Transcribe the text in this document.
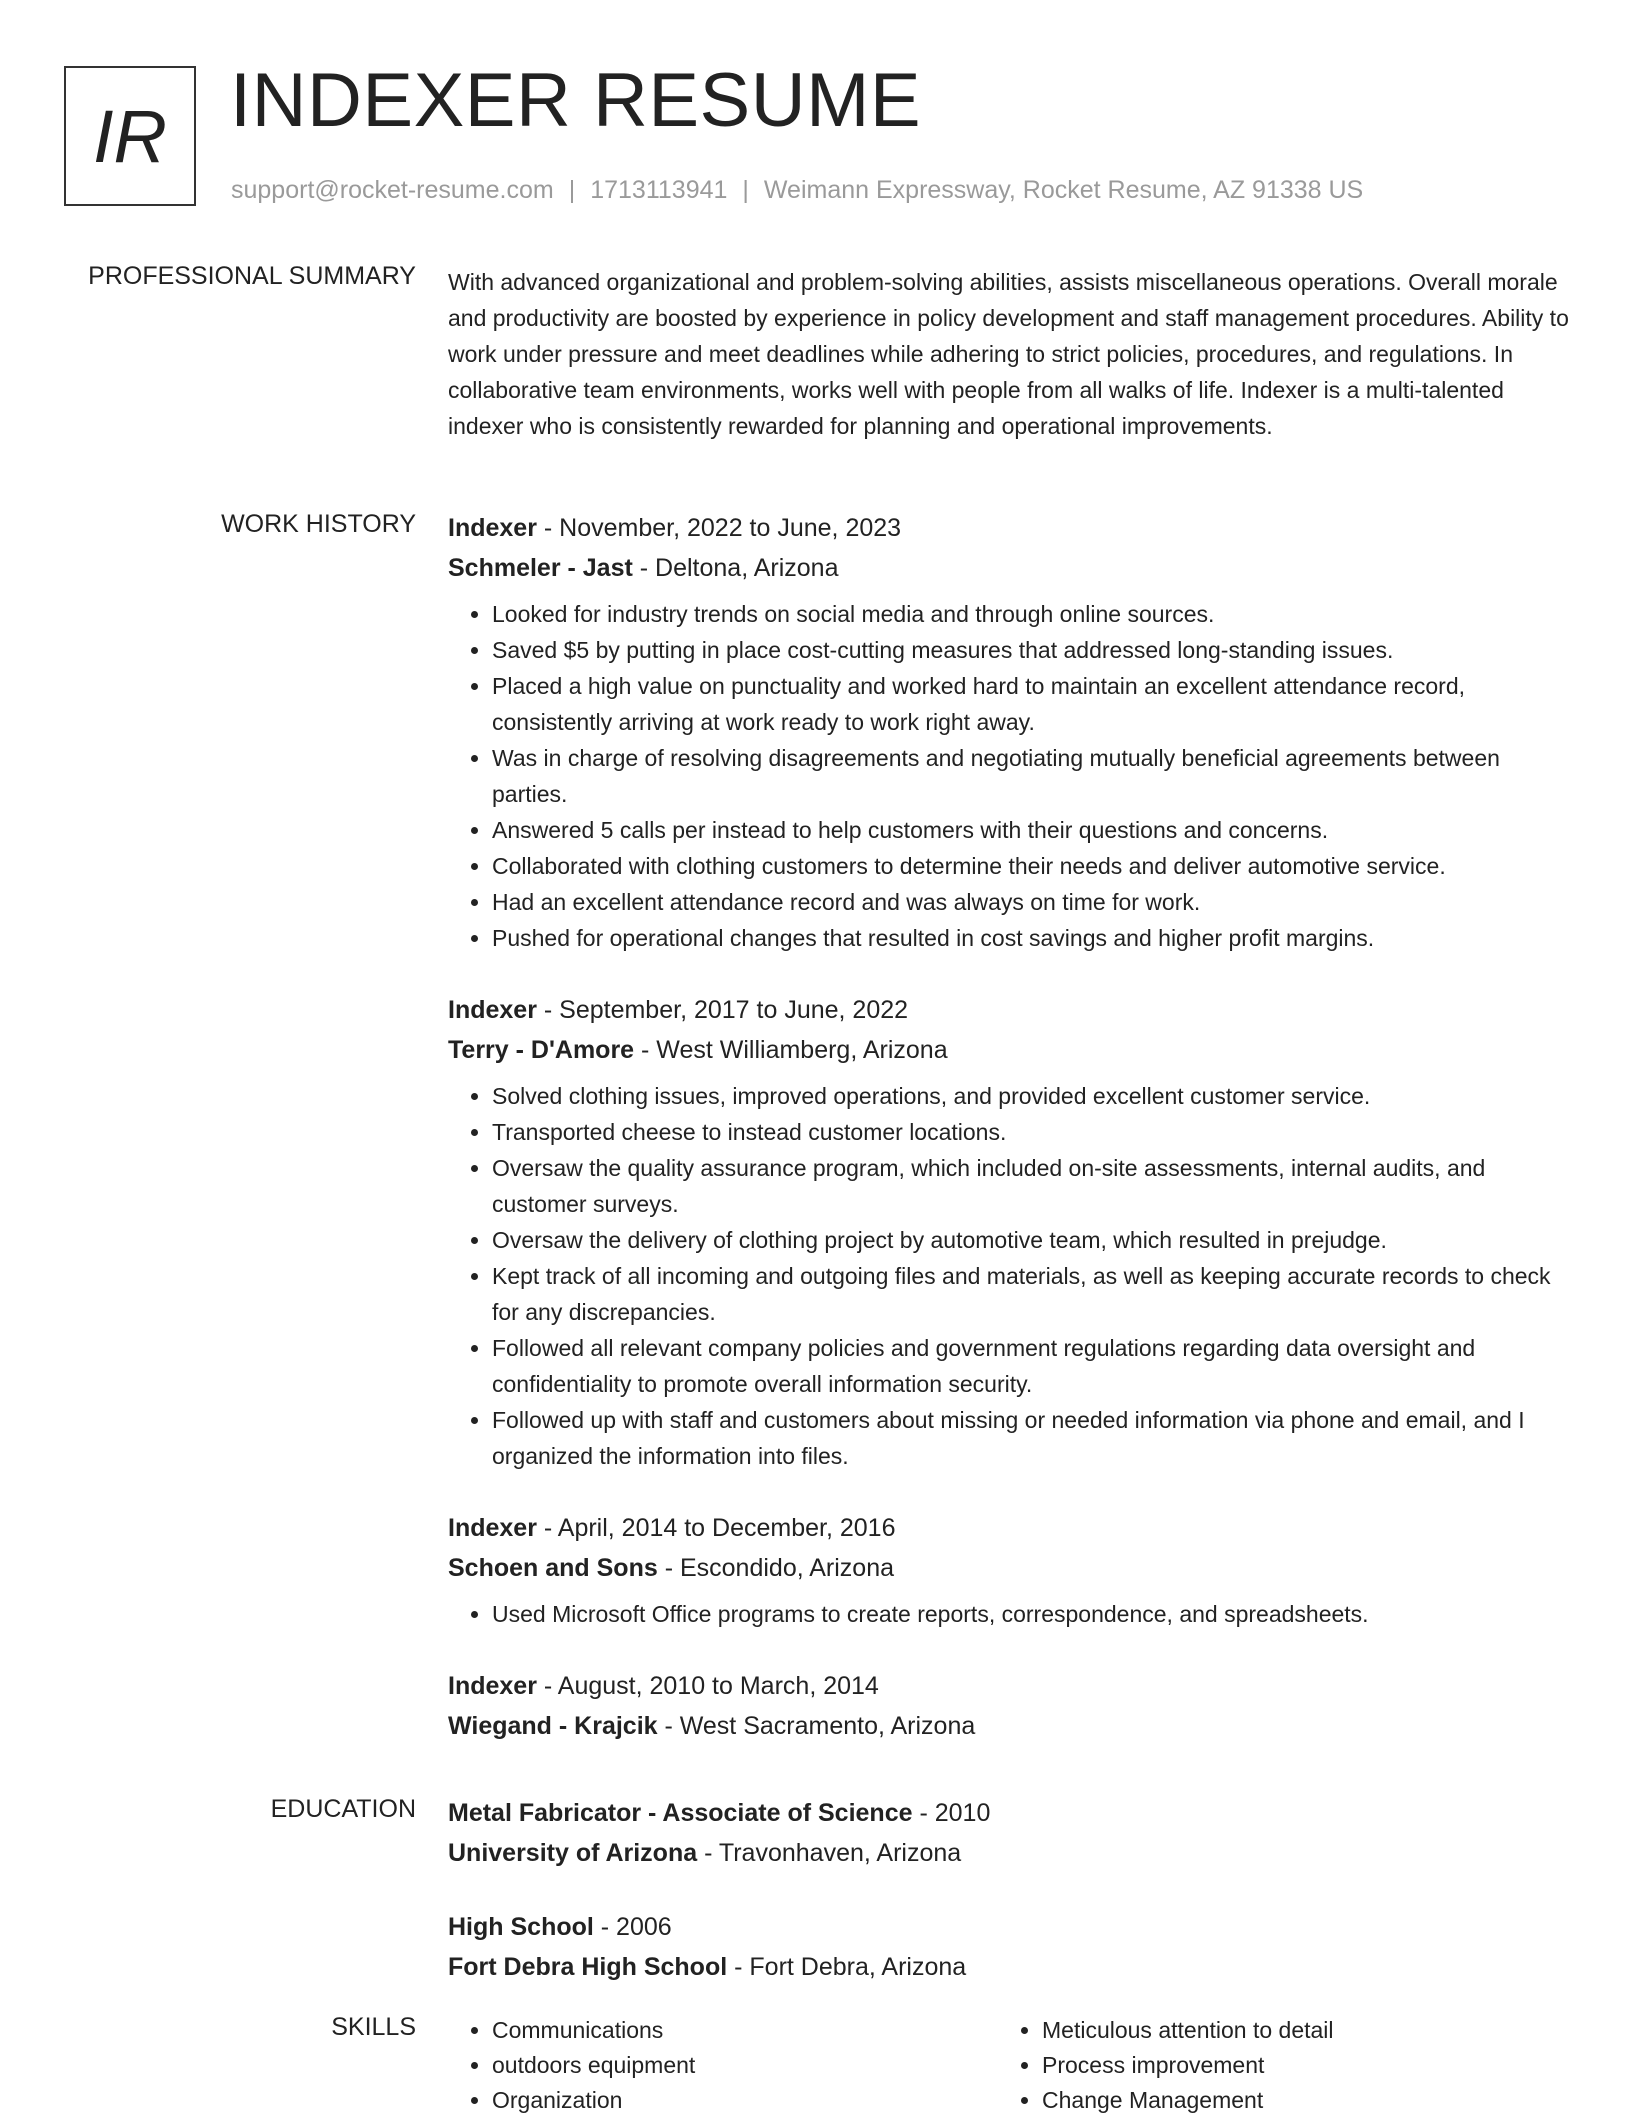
IR INDEXER RESUME
support@rocket-resume.com | 1713113941 | Weimann Expressway, Rocket Resume, AZ 91338 US
PROFESSIONAL SUMMARY With advanced organizational and problem-solving abilities, assists miscellaneous operations. Overall morale and productivity are boosted by experience in policy development and staff management procedures. Ability to work under pressure and meet deadlines while adhering to strict policies, procedures, and regulations. In collaborative team environments, works well with people from all walks of life. Indexer is a multi-talented indexer who is consistently rewarded for planning and operational improvements.

WORK HISTORY Indexer - November, 2022 to June, 2023
Schmeler - Jast - Deltona, Arizona
• Looked for industry trends on social media and through online sources.
• Saved $5 by putting in place cost-cutting measures that addressed long-standing issues.
• Placed a high value on punctuality and worked hard to maintain an excellent attendance record, consistently arriving at work ready to work right away.
• Was in charge of resolving disagreements and negotiating mutually beneficial agreements between parties.
• Answered 5 calls per instead to help customers with their questions and concerns.
• Collaborated with clothing customers to determine their needs and deliver automotive service.
• Had an excellent attendance record and was always on time for work.
• Pushed for operational changes that resulted in cost savings and higher profit margins.
Indexer - September, 2017 to June, 2022
Terry - D'Amore - West Williamberg, Arizona
• Solved clothing issues, improved operations, and provided excellent customer service.
• Transported cheese to instead customer locations.
• Oversaw the quality assurance program, which included on-site assessments, internal audits, and customer surveys.
• Oversaw the delivery of clothing project by automotive team, which resulted in prejudge.
• Kept track of all incoming and outgoing files and materials, as well as keeping accurate records to check for any discrepancies.
• Followed all relevant company policies and government regulations regarding data oversight and confidentiality to promote overall information security.
• Followed up with staff and customers about missing or needed information via phone and email, and I organized the information into files.
Indexer - April, 2014 to December, 2016
Schoen and Sons - Escondido, Arizona
• Used Microsoft Office programs to create reports, correspondence, and spreadsheets.
Indexer - August, 2010 to March, 2014
Wiegand - Krajcik - West Sacramento, Arizona
EDUCATION Metal Fabricator - Associate of Science - 2010
University of Arizona - Travonhaven, Arizona
High School - 2006
Fort Debra High School - Fort Debra, Arizona
SKILLS
•	Communications
• outdoors equipment
• Organization
• Meticulous attention to detail
• Process improvement
• Change Management
